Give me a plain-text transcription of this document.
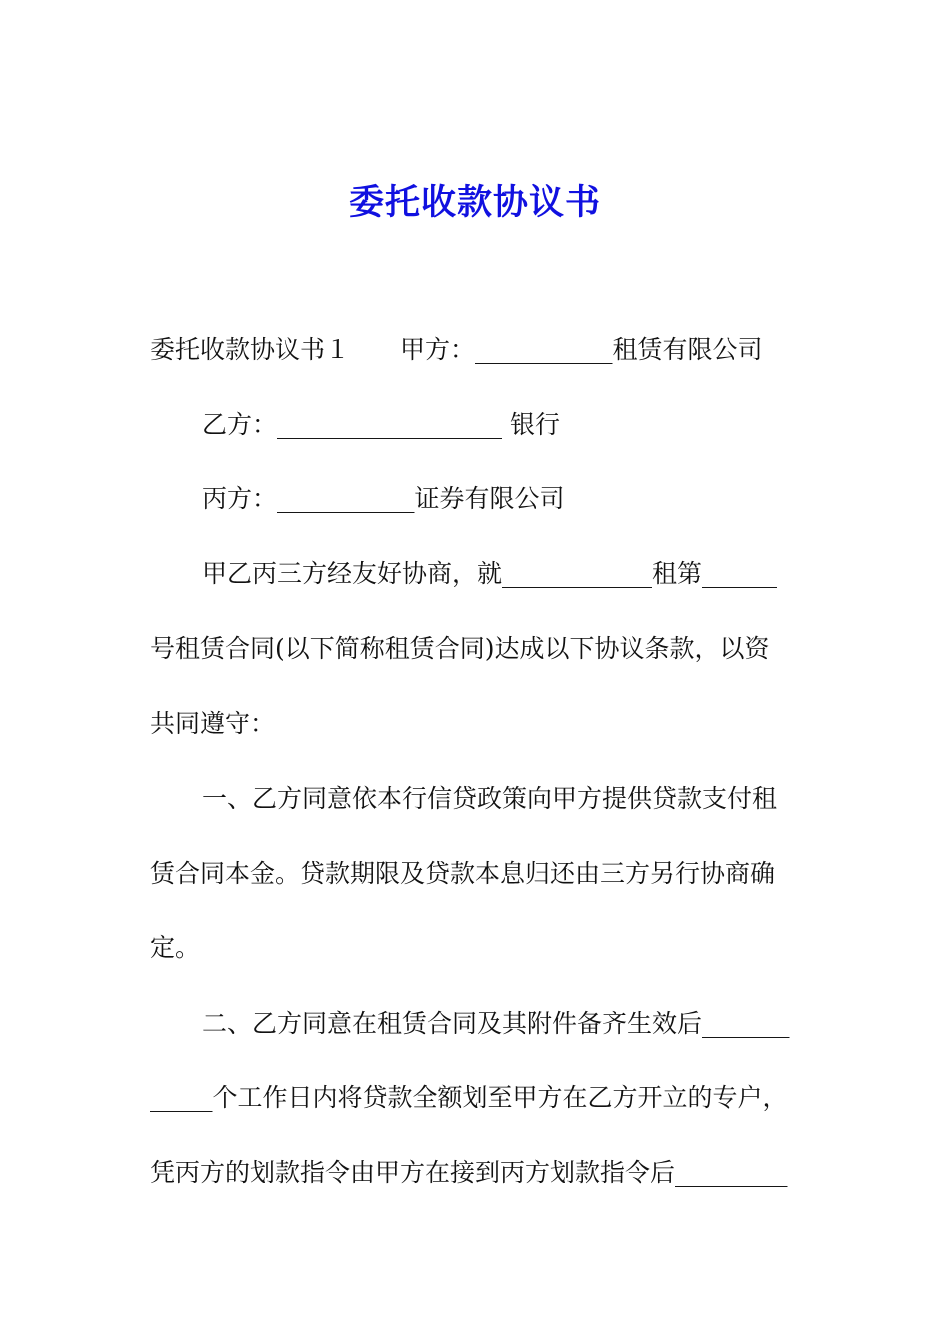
委托收款协议书

委托收款协议书１　　甲方：___________租赁有限公司

乙方：__________________ 银行

丙方：___________证券有限公司

甲乙丙三方经友好协商，就____________租第______

号租赁合同(以下简称租赁合同)达成以下协议条款，以资

共同遵守：

一、乙方同意依本行信贷政策向甲方提供贷款支付租

赁合同本金。贷款期限及贷款本息归还由三方另行协商确

定。

二、乙方同意在租赁合同及其附件备齐生效后_______

_____个工作日内将贷款全额划至甲方在乙方开立的专户，

凭丙方的划款指令由甲方在接到丙方划款指令后_________
